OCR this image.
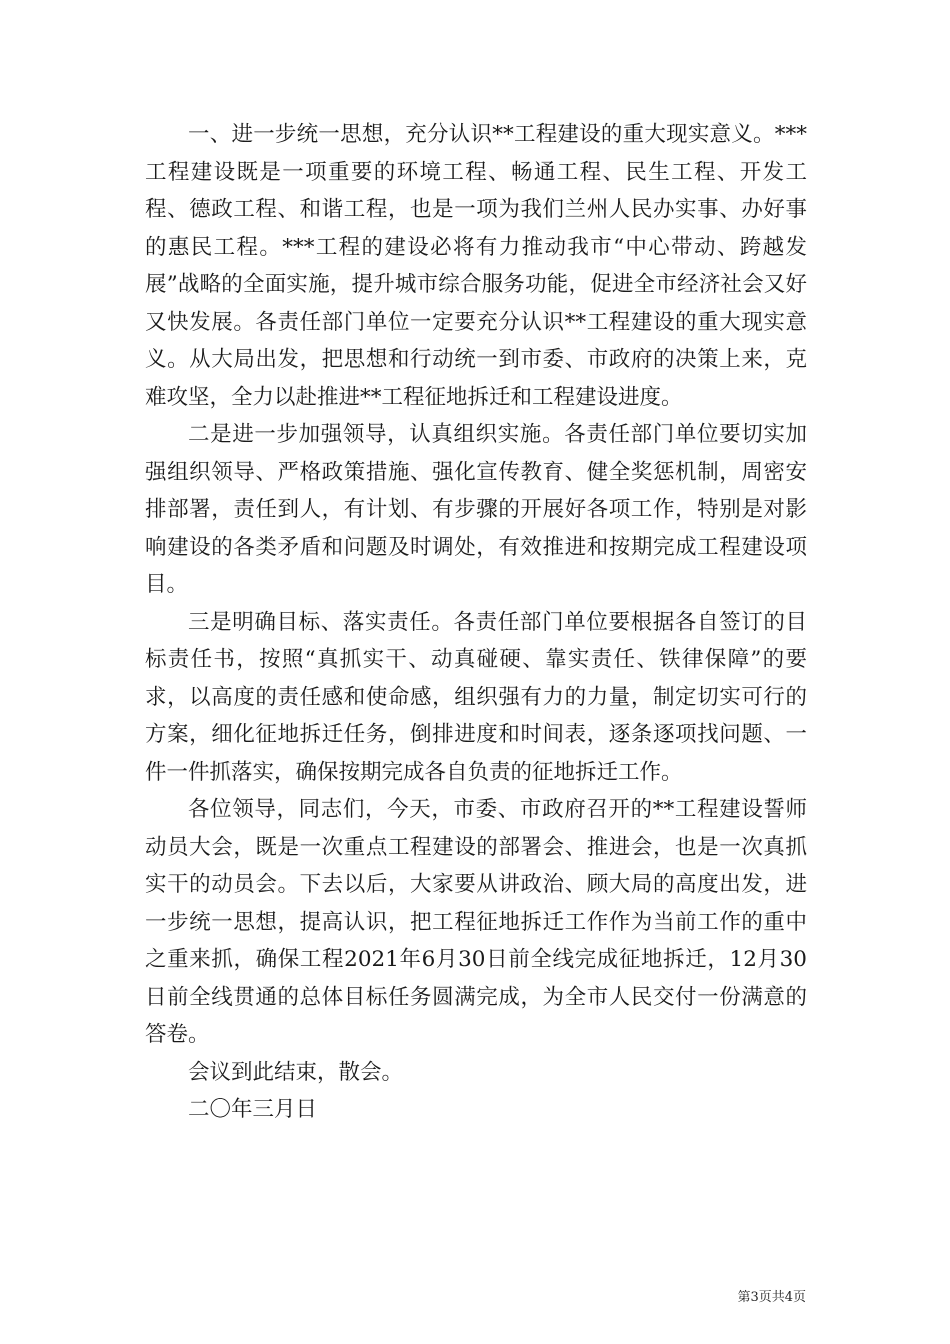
一、进一步统一思想，充分认识**工程建设的重大现实意义。***工程建设既是一项重要的环境工程、畅通工程、民生工程、开发工程、德政工程、和谐工程，也是一项为我们兰州人民办实事、办好事的惠民工程。***工程的建设必将有力推动我市“中心带动、跨越发展”战略的全面实施，提升城市综合服务功能，促进全市经济社会又好又快发展。各责任部门单位一定要充分认识**工程建设的重大现实意义。从大局出发，把思想和行动统一到市委、市政府的决策上来，克难攻坚，全力以赴推进**工程征地拆迁和工程建设进度。

二是进一步加强领导，认真组织实施。各责任部门单位要切实加强组织领导、严格政策措施、强化宣传教育、健全奖惩机制，周密安排部署，责任到人，有计划、有步骤的开展好各项工作，特别是对影响建设的各类矛盾和问题及时调处，有效推进和按期完成工程建设项目。

三是明确目标、落实责任。各责任部门单位要根据各自签订的目标责任书，按照“真抓实干、动真碰硬、靠实责任、铁律保障”的要求，以高度的责任感和使命感，组织强有力的力量，制定切实可行的方案，细化征地拆迁任务，倒排进度和时间表，逐条逐项找问题、一件一件抓落实，确保按期完成各自负责的征地拆迁工作。

各位领导，同志们，今天，市委、市政府召开的**工程建设誓师动员大会，既是一次重点工程建设的部署会、推进会，也是一次真抓实干的动员会。下去以后，大家要从讲政治、顾大局的高度出发，进一步统一思想，提高认识，把工程征地拆迁工作作为当前工作的重中之重来抓，确保工程2021年6月30日前全线完成征地拆迁，12月30日前全线贯通的总体目标任务圆满完成，为全市人民交付一份满意的答卷。

会议到此结束，散会。

二〇年三月日

第3页共4页
